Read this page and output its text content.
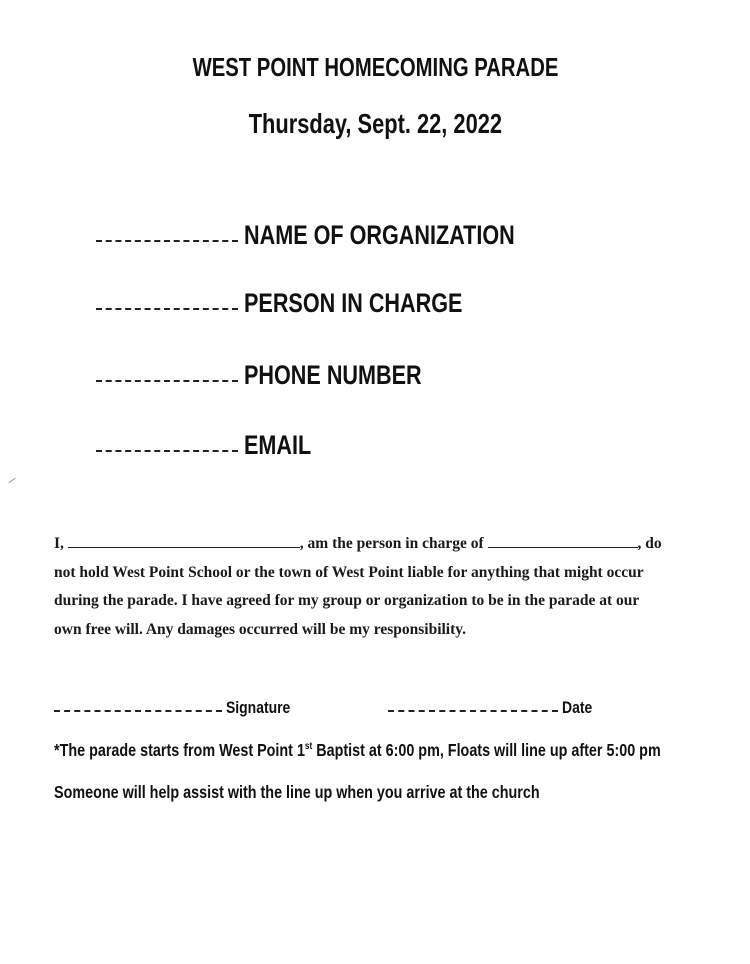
WEST POINT HOMECOMING PARADE
Thursday, Sept. 22, 2022
NAME OF ORGANIZATION
PERSON IN CHARGE
PHONE NUMBER
EMAIL
I,	, am the person in charge of	, do
not hold West Point School or the town of West Point liable for anything that might occur
during the parade. I have agreed for my group or organization to be in the parade at our
own free will. Any damages occurred will be my responsibility.
Signature	Date
*The parade starts from West Point 1st Baptist at 6:00 pm, Floats will line up after 5:00 pm
Someone will help assist with the line up when you arrive at the church
